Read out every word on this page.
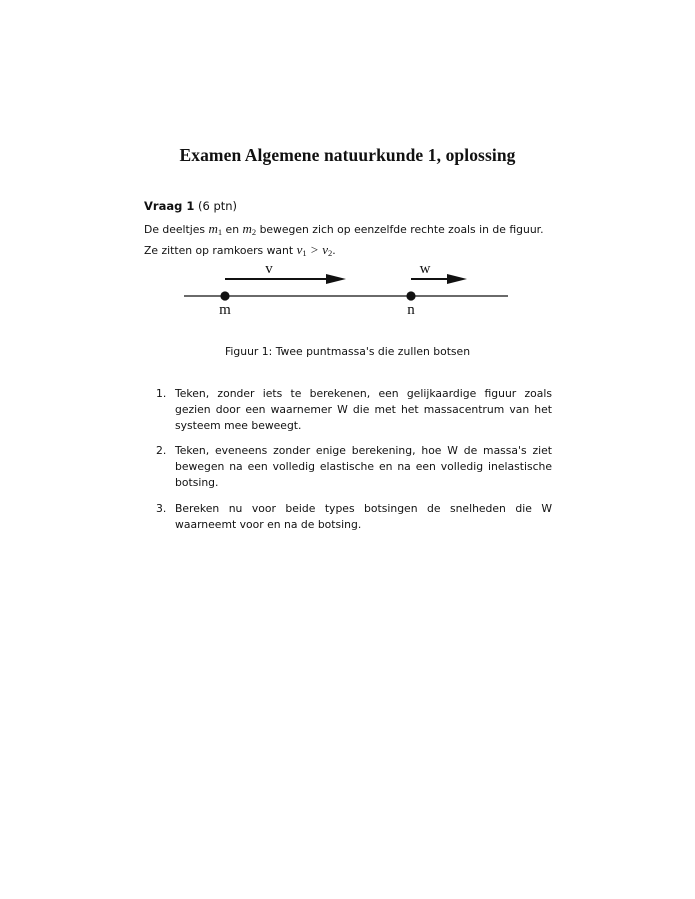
Examen Algemene natuurkunde 1, oplossing
Vraag 1 (6 ptn)
De deeltjes $m_1$ en $m_2$ bewegen zich op eenzelfde rechte zoals in de figuur.
Ze zitten op ramkoers want $v_1 > v_2$.
v	w
m	n
Figuur 1: Twee puntmassa's die zullen botsen
1. Teken, zonder iets te berekenen, een gelijkaardige figuur zoals gezien door een waarnemer W die met het massacentrum van het systeem mee beweegt.
2. Teken, eveneens zonder enige berekening, hoe W de massa's ziet bewegen na een volledig elastische en na een volledig inelastische botsing.
3. Bereken nu voor beide types botsingen de snelheden die W waarneemt voor en na de botsing.
